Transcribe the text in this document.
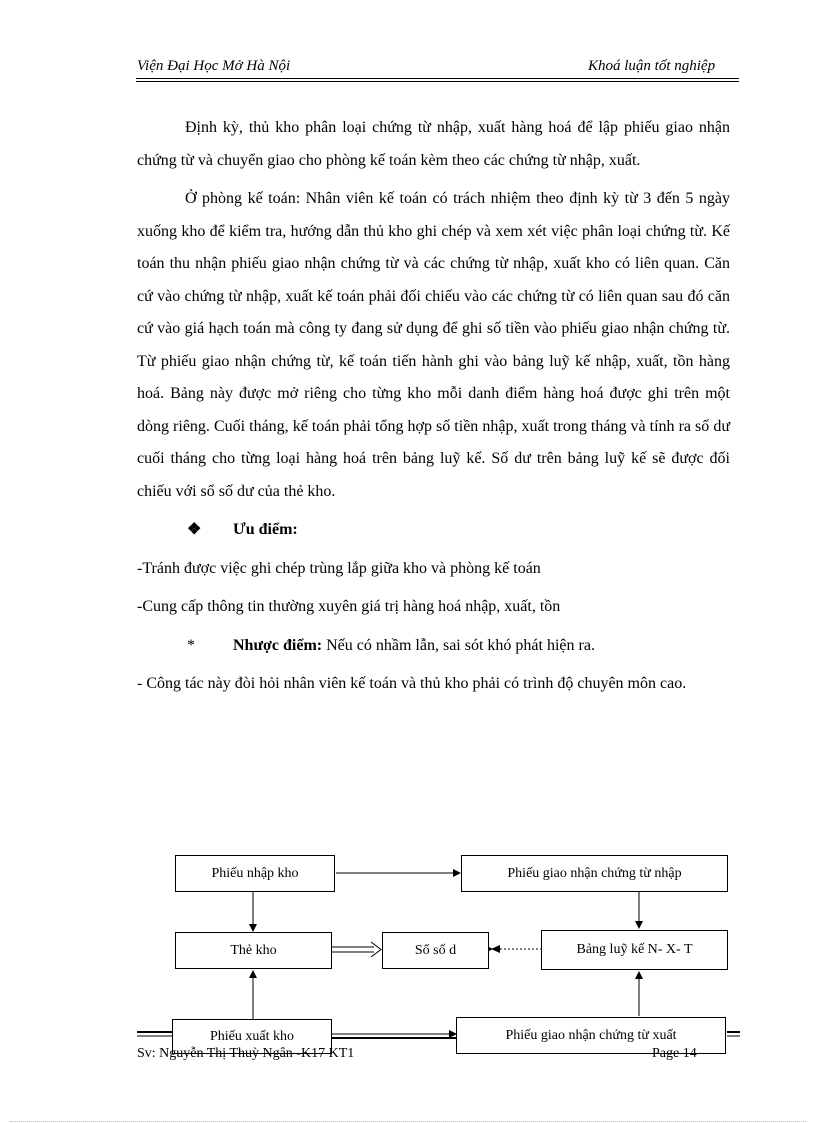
Viện Đại Học Mở Hà Nội	Khoá luận tốt nghiệp

Định kỳ, thủ kho phân loại chứng từ nhập, xuất hàng hoá để lập phiếu giao nhận chứng từ và chuyển giao cho phòng kế toán kèm theo các chứng từ nhập, xuất.

Ở phòng kế toán: Nhân viên kế toán có trách nhiệm theo định kỳ từ 3 đến 5 ngày xuống kho để kiểm tra, hướng dẫn thủ kho ghi chép và xem xét việc phân loại chứng từ. Kế toán thu nhận phiếu giao nhận chứng từ và các chứng từ nhập, xuất kho có liên quan. Căn cứ vào chứng từ nhập, xuất kế toán phải đối chiếu vào các chứng từ có liên quan sau đó căn cứ vào giá hạch toán mà công ty đang sử dụng để ghi số tiền vào phiếu giao nhận chứng từ. Từ phiếu giao nhận chứng từ, kế toán tiến hành ghi vào bảng luỹ kế nhập, xuất, tồn hàng hoá. Bảng này được mở riêng cho từng kho mỗi danh điểm hàng hoá được ghi trên một dòng riêng. Cuối tháng, kế toán phải tổng hợp số tiền nhập, xuất trong tháng và tính ra số dư cuối tháng cho từng loại hàng hoá trên bảng luỹ kế. Số dư trên bảng luỹ kế sẽ được đối chiếu với sổ số dư của thẻ kho.

❖ Ưu điểm:

-Tránh được việc ghi chép trùng lắp giữa kho và phòng kế toán

-Cung cấp thông tin thường xuyên giá trị hàng hoá nhập, xuất, tồn

* Nhược điểm: Nếu có nhầm lẫn, sai sót khó phát hiện ra.

- Công tác này đòi hỏi nhân viên kế toán và thủ kho phải có trình độ chuyên môn cao.

Phiếu nhập kho	Phiếu giao nhận chứng từ nhập
Thẻ kho	Sổ số d	Bảng luỹ kế N- X- T
Phiếu xuất kho	Phiếu giao nhận chứng từ xuất
Sv: Nguyễn Thị Thuỳ Ngân -K17 KT1	Page 14
